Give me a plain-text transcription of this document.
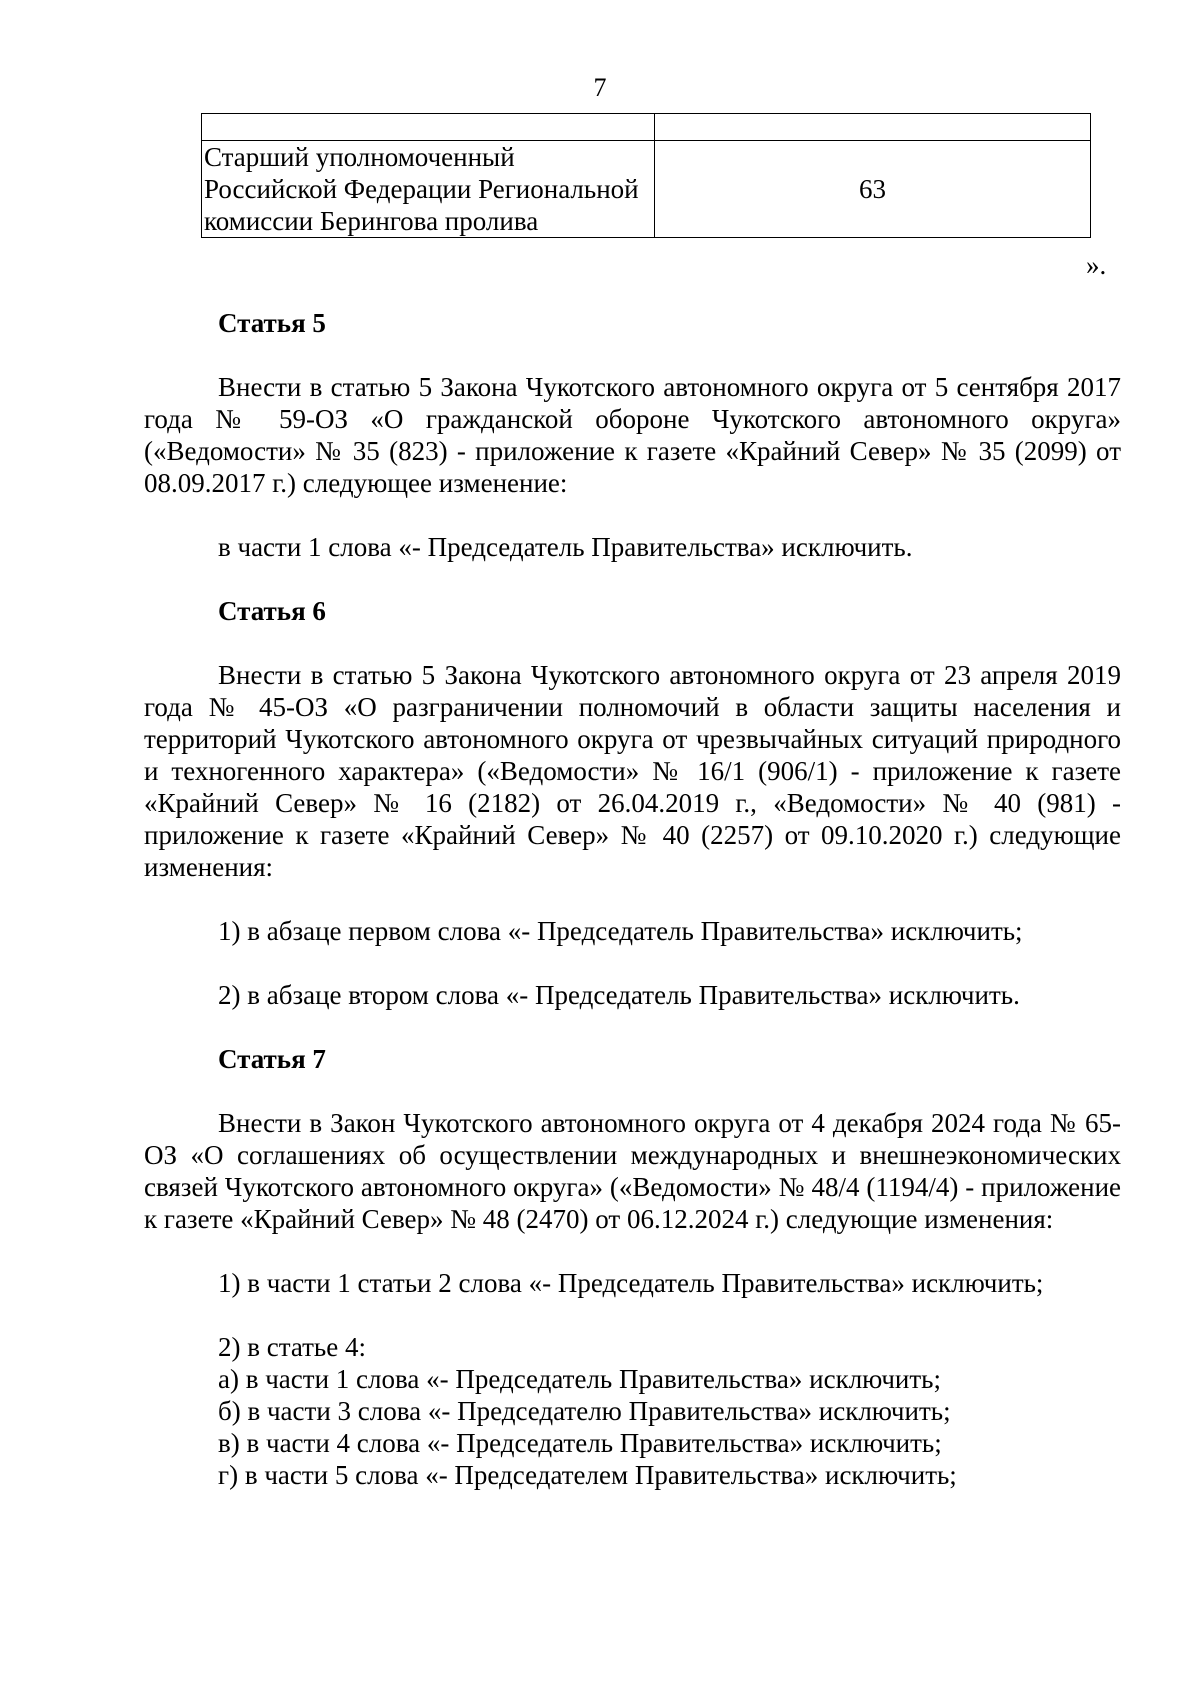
7

Старший уполномоченный Российской Федерации Региональной комиссии Берингова пролива	63
».
Статья 5
Внести в статью 5 Закона Чукотского автономного округа от 5 сентября 2017 года № 59-ОЗ «О гражданской обороне Чукотского автономного округа» («Ведомости» № 35 (823) - приложение к газете «Крайний Север» № 35 (2099) от 08.09.2017 г.) следующее изменение:
в части 1 слова «- Председатель Правительства» исключить.
Статья 6
Внести в статью 5 Закона Чукотского автономного округа от 23 апреля 2019 года № 45-ОЗ «О разграничении полномочий в области защиты населения и территорий Чукотского автономного округа от чрезвычайных ситуаций природного и техногенного характера» («Ведомости» № 16/1 (906/1) - приложение к газете «Крайний Север» № 16 (2182) от 26.04.2019 г., «Ведомости» № 40 (981) - приложение к газете «Крайний Север» № 40 (2257) от 09.10.2020 г.) следующие изменения:
1) в абзаце первом слова «- Председатель Правительства» исключить;
2) в абзаце втором слова «- Председатель Правительства» исключить.
Статья 7
Внести в Закон Чукотского автономного округа от 4 декабря 2024 года № 65-ОЗ «О соглашениях об осуществлении международных и внешнеэкономических связей Чукотского автономного округа» («Ведомости» № 48/4 (1194/4) - приложение к газете «Крайний Север» № 48 (2470) от 06.12.2024 г.) следующие изменения:
1) в части 1 статьи 2 слова «- Председатель Правительства» исключить;
2) в статье 4:
а) в части 1 слова «- Председатель Правительства» исключить;
б) в части 3 слова «- Председателю Правительства» исключить;
в) в части 4 слова «- Председатель Правительства» исключить;
г) в части 5 слова «- Председателем Правительства» исключить;
